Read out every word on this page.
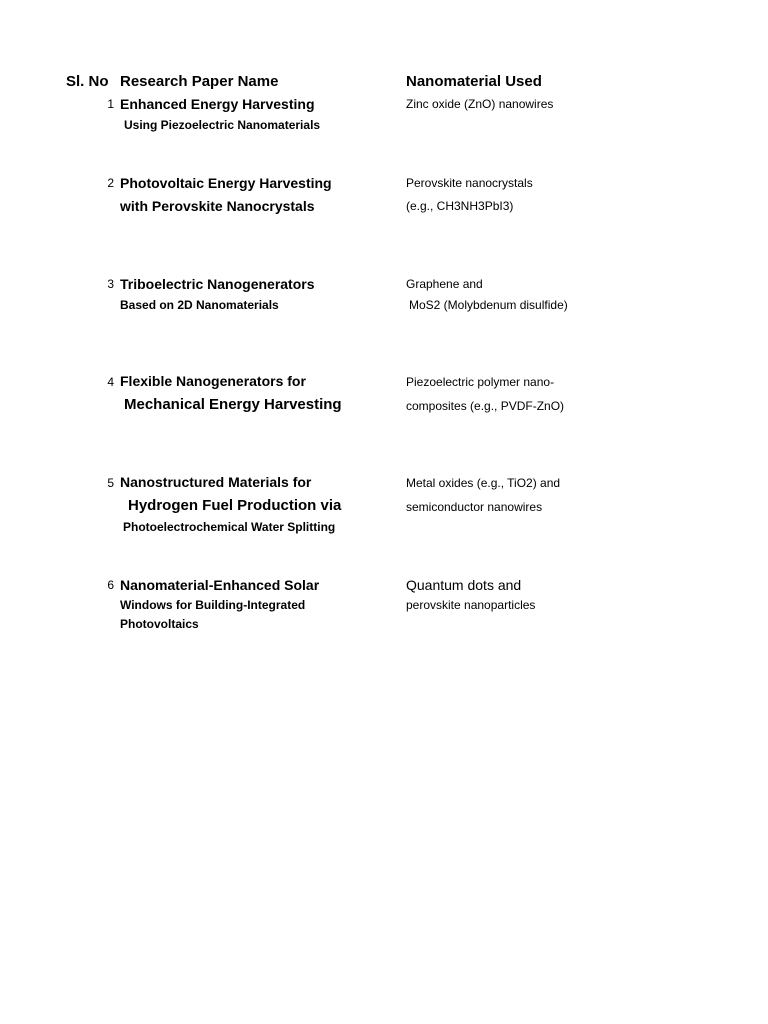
Sl. No Research Paper Name	Nanomaterial Used
1 Enhanced Energy Harvesting
Using Piezoelectric Nanomaterials
Zinc oxide (ZnO) nanowires
2 Photovoltaic Energy Harvesting
with Perovskite Nanocrystals
Perovskite nanocrystals
(e.g., CH3NH3PbI3)
3 Triboelectric Nanogenerators
Based on 2D Nanomaterials
Graphene and
MoS2 (Molybdenum disulfide)
4 Flexible Nanogenerators for
Mechanical Energy Harvesting
Piezoelectric polymer nano-
composites (e.g., PVDF-ZnO)
5 Nanostructured Materials for
Hydrogen Fuel Production via
Photoelectrochemical Water Splitting
Metal oxides (e.g., TiO2) and
semiconductor nanowires
6 Nanomaterial-Enhanced Solar
Windows for Building-Integrated
Photovoltaics
Quantum dots and
perovskite nanoparticles
